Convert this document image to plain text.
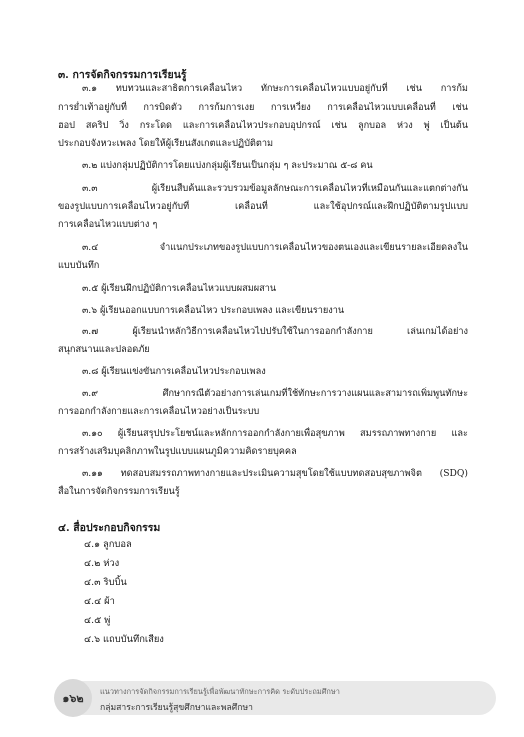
๓. การจัดกิจกรรมการเรียนรู้
๓.๑ ทบทวนและสาธิตการเคลื่อนไหว ทักษะการเคลื่อนไหวแบบอยู่กับที่ เช่น การก้ม
การย่ำเท้าอยู่กับที่ การบิดตัว การก้มการเงย การเหวี่ยง การเคลื่อนไหวแบบเคลื่อนที่ เช่น
ฮอป สคริป วิ่ง กระโดด และการเคลื่อนไหวประกอบอุปกรณ์ เช่น ลูกบอล ห่วง พู่ เป็นต้น
ประกอบจังหวะเพลง โดยให้ผู้เรียนสังเกตและปฏิบัติตาม
๓.๒ แบ่งกลุ่มปฏิบัติการโดยแบ่งกลุ่มผู้เรียนเป็นกลุ่ม ๆ ละประมาณ ๕-๘ คน
๓.๓ ผู้เรียนสืบค้นและรวบรวมข้อมูลลักษณะการเคลื่อนไหวที่เหมือนกันและแตกต่างกัน
ของรูปแบบการเคลื่อนไหวอยู่กับที่ เคลื่อนที่ และใช้อุปกรณ์และฝึกปฏิบัติตามรูปแบบ
การเคลื่อนไหวแบบต่าง ๆ
๓.๔ จำแนกประเภทของรูปแบบการเคลื่อนไหวของตนเองและเขียนรายละเอียดลงใน
แบบบันทึก
๓.๕ ผู้เรียนฝึกปฏิบัติการเคลื่อนไหวแบบผสมผสาน
๓.๖ ผู้เรียนออกแบบการเคลื่อนไหว ประกอบเพลง และเขียนรายงาน
๓.๗ ผู้เรียนนำหลักวิธีการเคลื่อนไหวไปปรับใช้ในการออกกำลังกาย เล่นเกมได้อย่าง
สนุกสนานและปลอดภัย
๓.๘ ผู้เรียนแข่งขันการเคลื่อนไหวประกอบเพลง
๓.๙ ศึกษากรณีตัวอย่างการเล่นเกมที่ใช้ทักษะการวางแผนและสามารถเพิ่มพูนทักษะ
การออกกำลังกายและการเคลื่อนไหวอย่างเป็นระบบ
๓.๑๐ ผู้เรียนสรุปประโยชน์และหลักการออกกำลังกายเพื่อสุขภาพ สมรรถภาพทางกาย และ
การสร้างเสริมบุคลิกภาพในรูปแบบแผนภูมิความคิดรายบุคคล
๓.๑๑ ทดสอบสมรรถภาพทางกายและประเมินความสุขโดยใช้แบบทดสอบสุขภาพจิต (SDQ)
สื่อในการจัดกิจกรรมการเรียนรู้
๔. สื่อประกอบกิจกรรม
๔.๑ ลูกบอล
๔.๒ ห่วง
๔.๓ ริบบิ้น
๔.๔ ผ้า
๔.๕ พู่
๔.๖ แถบบันทึกเสียง
๑๖๒
แนวทางการจัดกิจกรรมการเรียนรู้เพื่อพัฒนาทักษะการคิด ระดับประถมศึกษา
กลุ่มสาระการเรียนรู้สุขศึกษาและพลศึกษา
